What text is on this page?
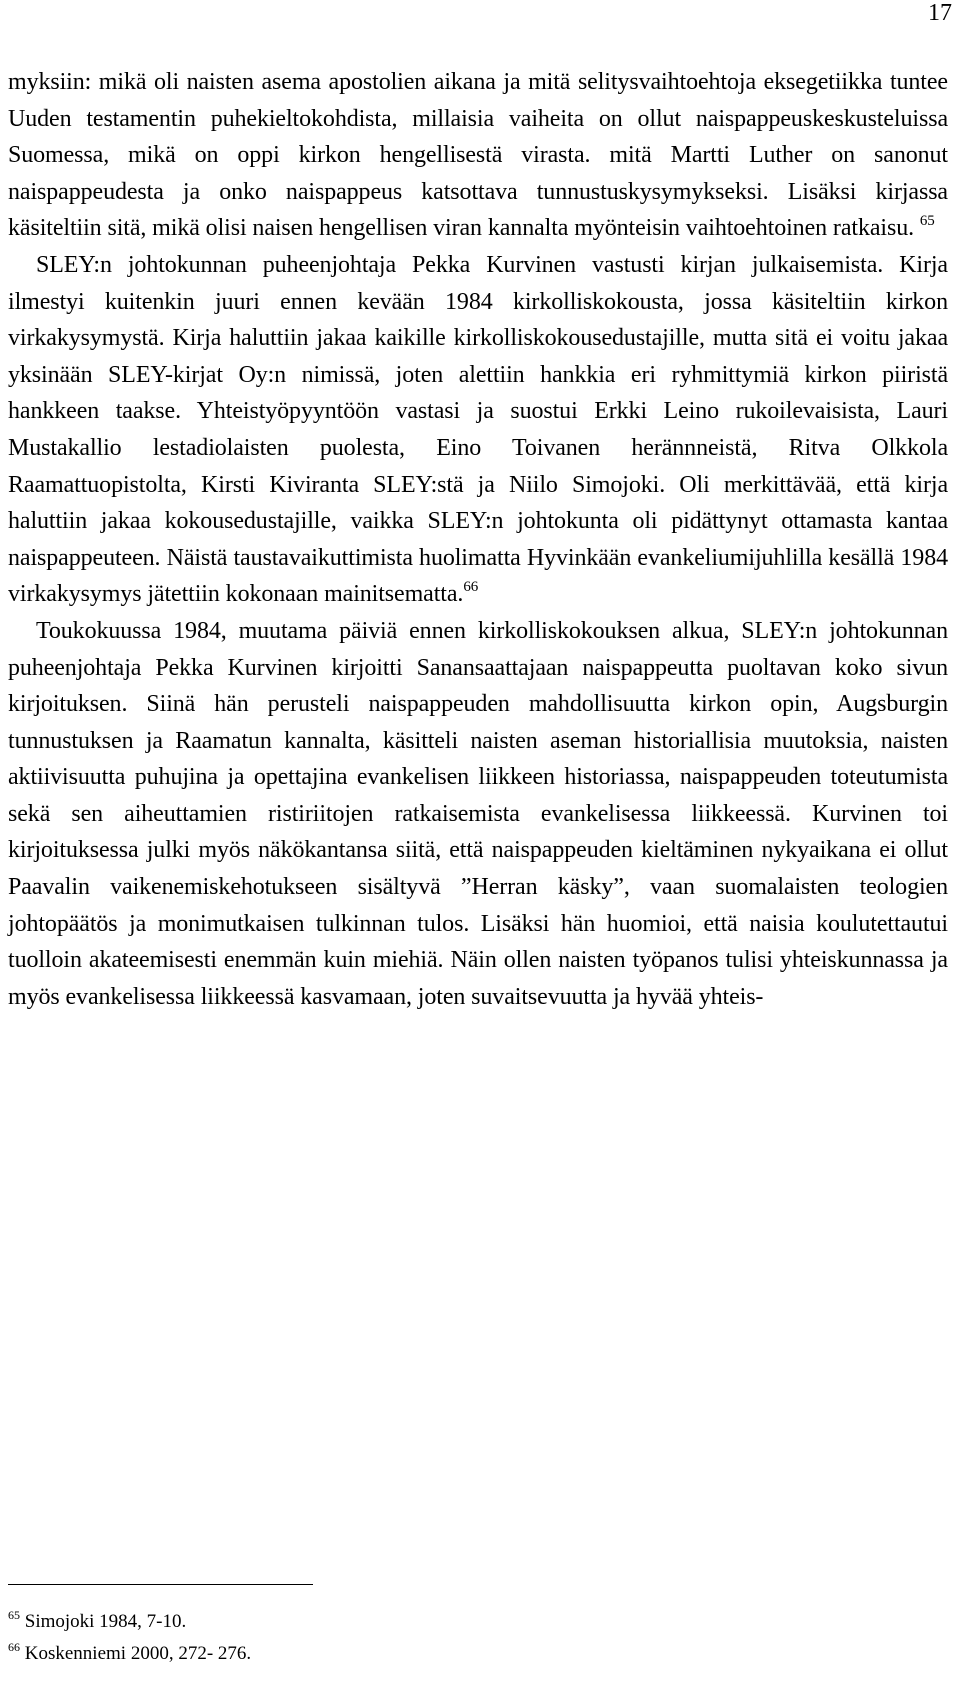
17

myksiin: mikä oli naisten asema apostolien aikana ja mitä selitysvaihtoehtoja eksegetiikka tuntee Uuden testamentin puhekieltokohdista, millaisia vaiheita on ollut naispappeuskeskusteluissa Suomessa, mikä on oppi kirkon hengellisestä virasta. mitä Martti Luther on sanonut naispappeudesta ja onko naispappeus katsottava tunnustuskysymykseksi. Lisäksi kirjassa käsiteltiin sitä, mikä olisi naisen hengellisen viran kannalta myönteisin vaihtoehtoinen ratkaisu. $^{65}$

SLEY:n johtokunnan puheenjohtaja Pekka Kurvinen vastusti kirjan julkaisemista. Kirja ilmestyi kuitenkin juuri ennen kevään 1984 kirkolliskokousta, jossa käsiteltiin kirkon virkakysymystä. Kirja haluttiin jakaa kaikille kirkolliskokousedustajille, mutta sitä ei voitu jakaa yksinään SLEY-kirjat Oy:n nimissä, joten alettiin hankkia eri ryhmittymiä kirkon piiristä hankkeen taakse. Yhteistyöpyyntöön vastasi ja suostui Erkki Leino rukoilevaisista, Lauri Mustakallio lestadiolaisten puolesta, Eino Toivanen herännneistä, Ritva Olkkola Raamattuopistolta, Kirsti Kiviranta SLEY:stä ja Niilo Simojoki. Oli merkittävää, että kirja haluttiin jakaa kokousedustajille, vaikka SLEY:n johtokunta oli pidättynyt ottamasta kantaa naispappeuteen. Näistä taustavaikuttimista huolimatta Hyvinkään evankeliumijuhlilla kesällä 1984 virkakysymys jätettiin kokonaan mainitsematta.$^{66}$

Toukokuussa 1984, muutama päiviä ennen kirkolliskokouksen alkua, SLEY:n johtokunnan puheenjohtaja Pekka Kurvinen kirjoitti Sanansaattajaan naispappeutta puoltavan koko sivun kirjoituksen. Siinä hän perusteli naispappeuden mahdollisuutta kirkon opin, Augsburgin tunnustuksen ja Raamatun kannalta, käsitteli naisten aseman historiallisia muutoksia, naisten aktiivisuutta puhujina ja opettajina evankelisen liikkeen historiassa, naispappeuden toteutumista sekä sen aiheuttamien ristiriitojen ratkaisemista evankelisessa liikkeessä. Kurvinen toi kirjoituksessa julki myös näkökantansa siitä, että naispappeuden kieltäminen nykyaikana ei ollut Paavalin vaikenemiskehotukseen sisältyvä ”Herran käsky”, vaan suomalaisten teologien johtopäätös ja monimutkaisen tulkinnan tulos. Lisäksi hän huomioi, että naisia koulutettautui tuolloin akateemisesti enemmän kuin miehiä. Näin ollen naisten työpanos tulisi yhteiskunnassa ja myös evankelisessa liikkeessä kasvamaan, joten suvaitsevuutta ja hyvää yhteis-

$^{65}$ Simojoki 1984, 7-10.
$^{66}$ Koskenniemi 2000, 272- 276.
